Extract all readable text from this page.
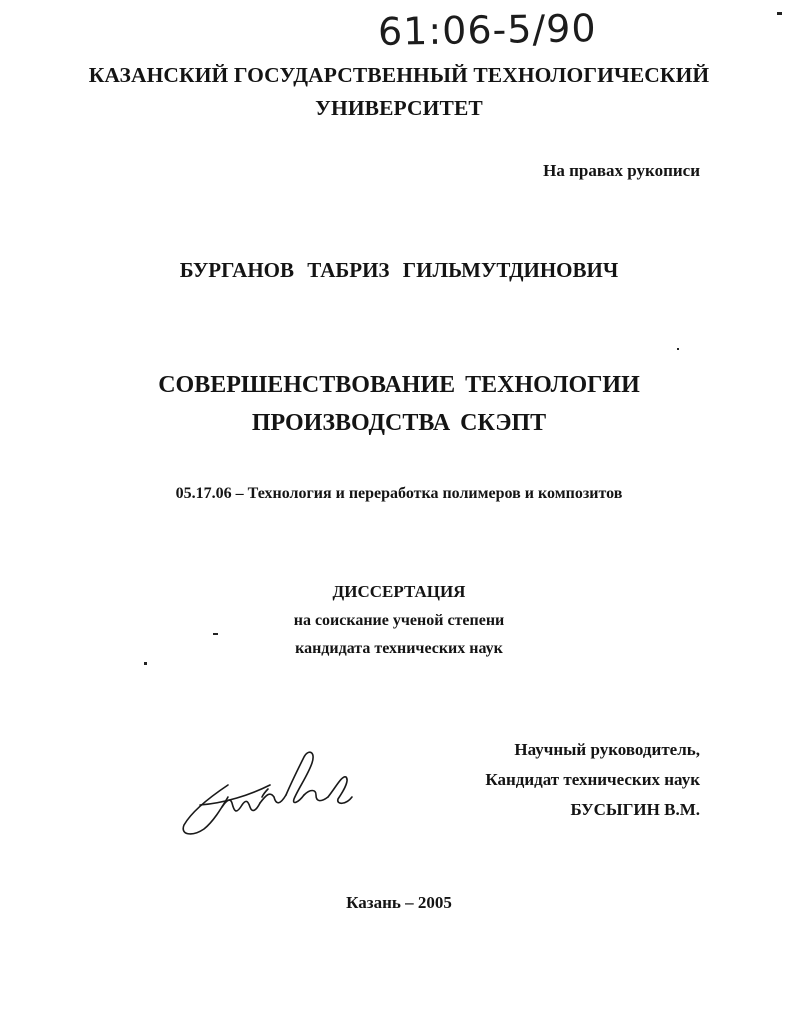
61:06-5/90
КАЗАНСКИЙ ГОСУДАРСТВЕННЫЙ ТЕХНОЛОГИЧЕСКИЙ
УНИВЕРСИТЕТ
На правах рукописи
БУРГАНОВ ТАБРИЗ ГИЛЬМУТДИНОВИЧ
СОВЕРШЕНСТВОВАНИЕ ТЕХНОЛОГИИ
ПРОИЗВОДСТВА СКЭПТ
05.17.06 – Технология и переработка полимеров и композитов
ДИССЕРТАЦИЯ
на соискание ученой степени
кандидата технических наук
Научный руководитель,
Кандидат технических наук
БУСЫГИН В.М.
Казань – 2005
